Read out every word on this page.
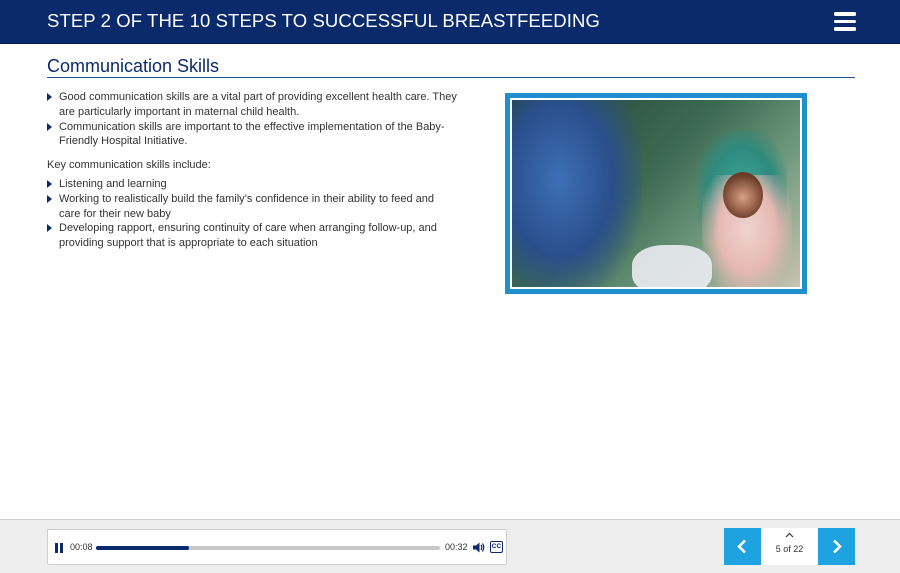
STEP 2 OF THE 10 STEPS TO SUCCESSFUL BREASTFEEDING
Communication Skills
Good communication skills are a vital part of providing excellent health care. They are particularly important in maternal child health.
Communication skills are important to the effective implementation of the Baby-Friendly Hospital Initiative.

Key communication skills include:

Listening and learning
Working to realistically build the family’s confidence in their ability to feed and care for their new baby
Developing rapport, ensuring continuity of care when arranging follow-up, and providing support that is appropriate to each situation
00:08	00:32	CC	5 of 22
